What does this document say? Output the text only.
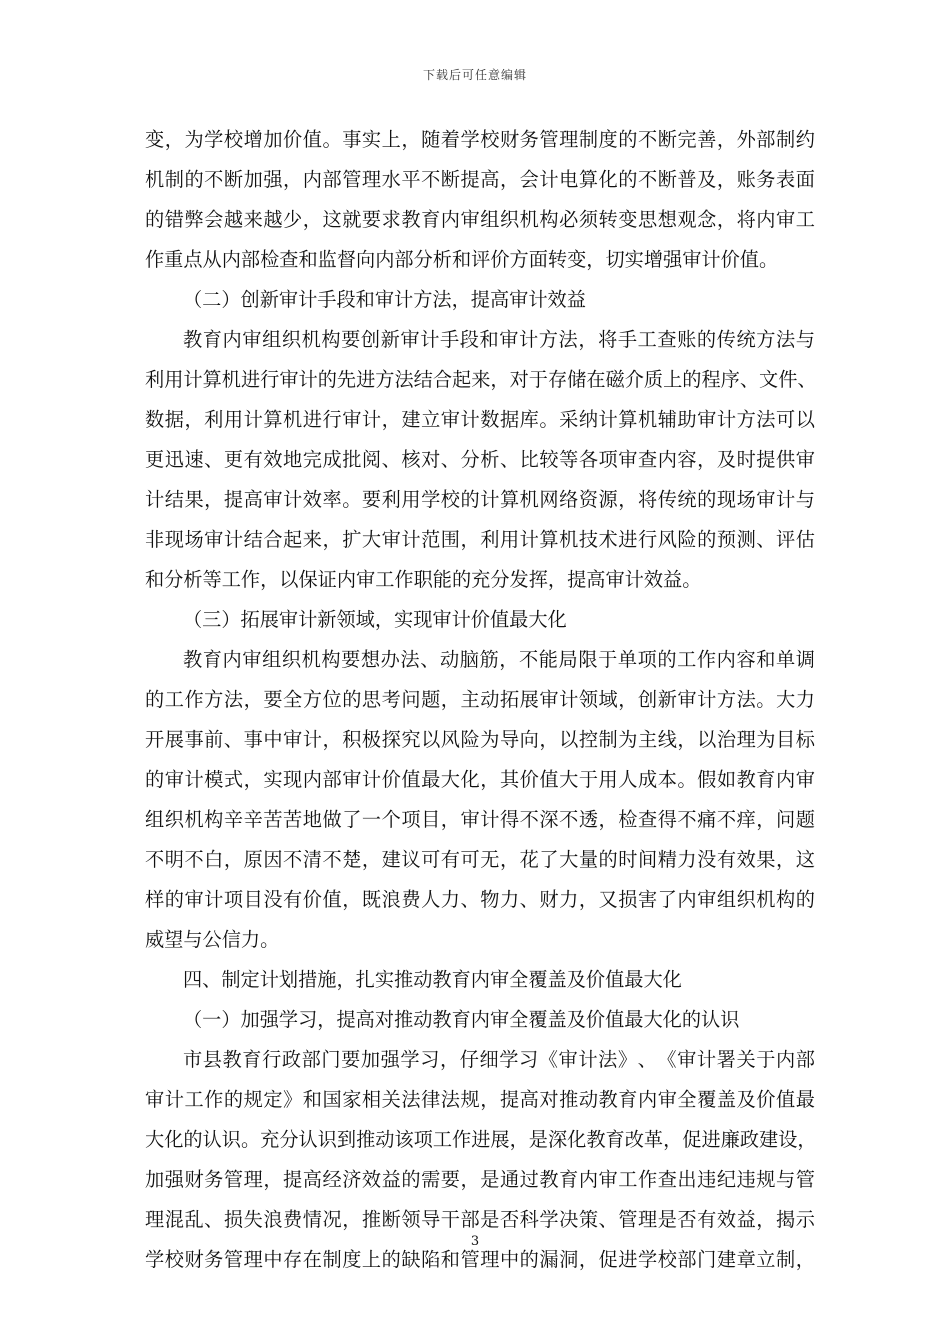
下载后可任意编辑
变 ， 为 学 校 增 加 价 值 。 事 实 上 ， 随 着 学 校 财 务 管 理 制 度 的 不 断 完 善 ， 外 部 制 约
机 制 的 不 断 加 强 ， 内 部 管 理 水 平 不 断 提 高 ， 会 计 电 算 化 的 不 断 普 及 ， 账 务 表 面
的 错 弊 会 越 来 越 少 ， 这 就 要 求 教 育 内 审 组 织 机 构 必 须 转 变 思 想 观 念 ， 将 内 审 工
作重点从内部检查和监督向内部分析和评价方面转变，切实增强审计价值。
（二）创新审计手段和审计方法，提高审计效益
教 育 内 审 组 织 机 构 要 创 新 审 计 手 段 和 审 计 方 法 ， 将 手 工 查 账 的 传 统 方 法 与
利 用 计 算 机 进 行 审 计 的 先 进 方 法 结 合 起 来 ， 对 于 存 储 在 磁 介 质 上 的 程 序 、 文 件 、
数 据 ， 利 用 计 算 机 进 行 审 计 ， 建 立 审 计 数 据 库 。 采 纳 计 算 机 辅 助 审 计 方 法 可 以
更 迅 速 、 更 有 效 地 完 成 批 阅 、 核 对 、 分 析 、 比 较 等 各 项 审 查 内 容 ， 及 时 提 供 审
计 结 果 ， 提 高 审 计 效 率 。 要 利 用 学 校 的 计 算 机 网 络 资 源 ， 将 传 统 的 现 场 审 计 与
非 现 场 审 计 结 合 起 来 ， 扩 大 审 计 范 围 ， 利 用 计 算 机 技 术 进 行 风 险 的 预 测 、 评 估
和分析等工作，以保证内审工作职能的充分发挥，提高审计效益。
（三）拓展审计新领域，实现审计价值最大化
教 育 内 审 组 织 机 构 要 想 办 法 、 动 脑 筋 ， 不 能 局 限 于 单 项 的 工 作 内 容 和 单 调
的 工 作 方 法 ， 要 全 方 位 的 思 考 问 题 ， 主 动 拓 展 审 计 领 域 ， 创 新 审 计 方 法 。 大 力
开 展 事 前 、 事 中 审 计 ， 积 极 探 究 以 风 险 为 导 向 ， 以 控 制 为 主 线 ， 以 治 理 为 目 标
的 审 计 模 式 ， 实 现 内 部 审 计 价 值 最 大 化 ， 其 价 值 大 于 用 人 成 本 。 假 如 教 育 内 审
组 织 机 构 辛 辛 苦 苦 地 做 了 一 个 项 目 ， 审 计 得 不 深 不 透 ， 检 查 得 不 痛 不 痒 ， 问 题
不 明 不 白 ， 原 因 不 清 不 楚 ， 建 议 可 有 可 无 ， 花 了 大 量 的 时 间 精 力 没 有 效 果 ， 这
样 的 审 计 项 目 没 有 价 值 ， 既 浪 费 人 力 、 物 力 、 财 力 ， 又 损 害 了 内 审 组 织 机 构 的
威望与公信力。
四、制定计划措施，扎实推动教育内审全覆盖及价值最大化
（一）加强学习，提高对推动教育内审全覆盖及价值最大化的认识
市 县 教 育 行 政 部 门 要 加 强 学 习 ， 仔 细 学 习 《 审 计 法 》 、 《 审 计 署 关 于 内 部
审 计 工 作 的 规 定 》 和 国 家 相 关 法 律 法 规 ， 提 高 对 推 动 教 育 内 审 全 覆 盖 及 价 值 最
大 化 的 认 识 。 充 分 认 识 到 推 动 该 项 工 作 进 展 ， 是 深 化 教 育 改 革 ， 促 进 廉 政 建 设 ，
加 强 财 务 管 理 ， 提 高 经 济 效 益 的 需 要 ， 是 通 过 教 育 内 审 工 作 查 出 违 纪 违 规 与 管
理 混 乱 、 损 失 浪 费 情 况 ， 推 断 领 导 干 部 是 否 科 学 决 策 、 管 理 是 否 有 效 益 ， 揭 示
学 校 财 务 管 理 中 存 在 制 度 上 的 缺 陷 和 管 理 中 的 漏 洞 ， 促 进 学 校 部 门 建 章 立 制 ，
3
